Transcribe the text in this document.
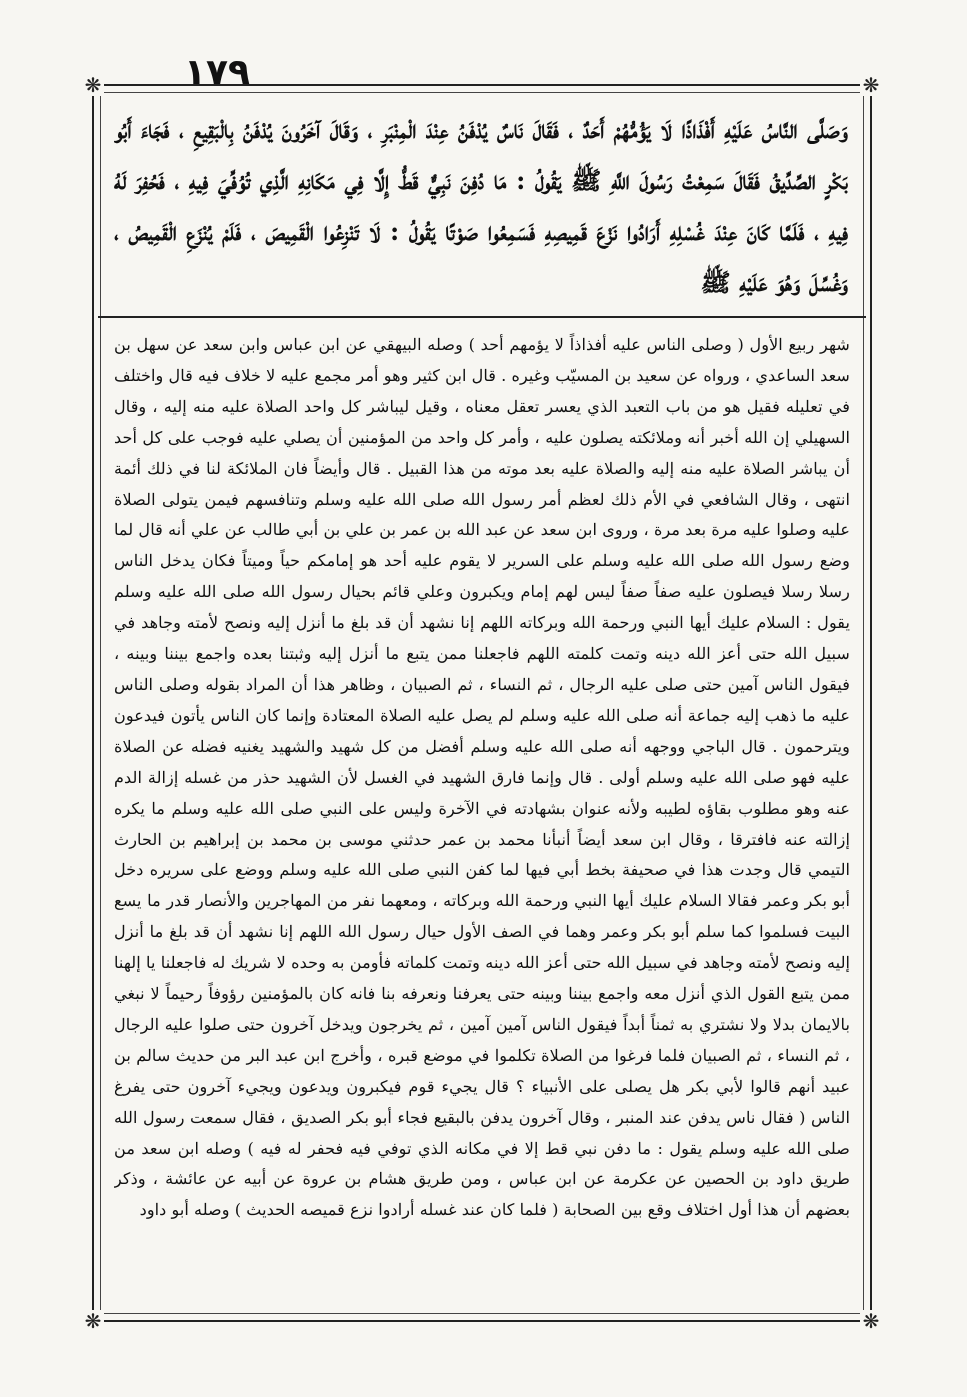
١٧٩
❋	❋
❋	❋

وَصَلَّى النَّاسُ عَلَيْهِ أَفْذَاذًا لَا يَؤُمُّهُمْ أَحَدٌ ، فَقَالَ نَاسٌ يُدْفَنُ عِنْدَ الْمِنْبَرِ ، وَقَالَ آخَرُونَ يُدْفَنُ بِالْبَقِيعِ ، فَجَاءَ أَبُو بَكْرٍ الصِّدِّيقُ فَقَالَ سَمِعْتُ رَسُولَ اللَّهِ ﷺ يَقُولُ : مَا دُفِنَ نَبِيٌّ قَطُّ إِلَّا فِي مَكَانِهِ الَّذِي تُوُفِّيَ فِيهِ ، فَحُفِرَ لَهُ فِيهِ ، فَلَمَّا كَانَ عِنْدَ غُسْلِهِ أَرَادُوا نَزْعَ قَمِيصِهِ فَسَمِعُوا صَوْتًا يَقُولُ : لَا تَنْزِعُوا الْقَمِيصَ ، فَلَمْ يُنْزَعِ الْقَمِيصُ ، وَغُسِّلَ وَهُوَ عَلَيْهِ ﷺ

شهر ربيع الأول ( وصلى الناس عليه أفذاذاً لا يؤمهم أحد ) وصله البيهقي عن ابن عباس وابن سعد عن سهل بن سعد الساعدي ، ورواه عن سعيد بن المسيّب وغيره . قال ابن كثير وهو أمر مجمع عليه لا خلاف فيه قال واختلف في تعليله فقيل هو من باب التعبد الذي يعسر تعقل معناه ، وقيل ليباشر كل واحد الصلاة عليه منه إليه ، وقال السهيلي إن الله أخبر أنه وملائكته يصلون عليه ، وأمر كل واحد من المؤمنين أن يصلي عليه فوجب على كل أحد أن يباشر الصلاة عليه منه إليه والصلاة عليه بعد موته من هذا القبيل . قال وأيضاً فان الملائكة لنا في ذلك أئمة انتهى ، وقال الشافعي في الأم ذلك لعظم أمر رسول الله صلى الله عليه وسلم وتنافسهم فيمن يتولى الصلاة عليه وصلوا عليه مرة بعد مرة ، وروى ابن سعد عن عبد الله بن عمر بن علي بن أبي طالب عن علي أنه قال لما وضع رسول الله صلى الله عليه وسلم على السرير لا يقوم عليه أحد هو إمامكم حياً وميتاً فكان يدخل الناس رسلا رسلا فيصلون عليه صفاً صفاً ليس لهم إمام ويكبرون وعلي قائم بحيال رسول الله صلى الله عليه وسلم يقول : السلام عليك أيها النبي ورحمة الله وبركاته اللهم إنا نشهد أن قد بلغ ما أنزل إليه ونصح لأمته وجاهد في سبيل الله حتى أعز الله دينه وتمت كلمته اللهم فاجعلنا ممن يتبع ما أنزل إليه وثبتنا بعده واجمع بيننا وبينه ، فيقول الناس آمين حتى صلى عليه الرجال ، ثم النساء ، ثم الصبيان ، وظاهر هذا أن المراد بقوله وصلى الناس عليه ما ذهب إليه جماعة أنه صلى الله عليه وسلم لم يصل عليه الصلاة المعتادة وإنما كان الناس يأتون فيدعون ويترحمون . قال الباجي ووجهه أنه صلى الله عليه وسلم أفضل من كل شهيد والشهيد يغنيه فضله عن الصلاة عليه فهو صلى الله عليه وسلم أولى . قال وإنما فارق الشهيد في الغسل لأن الشهيد حذر من غسله إزالة الدم عنه وهو مطلوب بقاؤه لطيبه ولأنه عنوان بشهادته في الآخرة وليس على النبي صلى الله عليه وسلم ما يكره إزالته عنه فافترقا ، وقال ابن سعد أيضاً أنبأنا محمد بن عمر حدثني موسى بن محمد بن إبراهيم بن الحارث التيمي قال وجدت هذا في صحيفة بخط أبي فيها لما كفن النبي صلى الله عليه وسلم ووضع على سريره دخل أبو بكر وعمر فقالا السلام عليك أيها النبي ورحمة الله وبركاته ، ومعهما نفر من المهاجرين والأنصار قدر ما يسع البيت فسلموا كما سلم أبو بكر وعمر وهما في الصف الأول حيال رسول الله اللهم إنا نشهد أن قد بلغ ما أنزل إليه ونصح لأمته وجاهد في سبيل الله حتى أعز الله دينه وتمت كلماته فأومن به وحده لا شريك له فاجعلنا يا إلهنا ممن يتبع القول الذي أنزل معه واجمع بيننا وبينه حتى يعرفنا ونعرفه بنا فانه كان بالمؤمنين رؤوفاً رحيماً لا نبغي بالايمان بدلا ولا نشتري به ثمناً أبداً فيقول الناس آمين آمين ، ثم يخرجون ويدخل آخرون حتى صلوا عليه الرجال ، ثم النساء ، ثم الصبيان فلما فرغوا من الصلاة تكلموا في موضع قبره ، وأخرج ابن عبد البر من حديث سالم بن عبيد أنهم قالوا لأبي بكر هل يصلى على الأنبياء ؟ قال يجيء قوم فيكبرون ويدعون ويجيء آخرون حتى يفرغ الناس ( فقال ناس يدفن عند المنبر ، وقال آخرون يدفن بالبقيع فجاء أبو بكر الصديق ، فقال سمعت رسول الله صلى الله عليه وسلم يقول : ما دفن نبي قط إلا في مكانه الذي توفي فيه فحفر له فيه ) وصله ابن سعد من طريق داود بن الحصين عن عكرمة عن ابن عباس ، ومن طريق هشام بن عروة عن أبيه عن عائشة ، وذكر بعضهم أن هذا أول اختلاف وقع بين الصحابة ( فلما كان عند غسله أرادوا نزع قميصه الحديث ) وصله أبو داود
